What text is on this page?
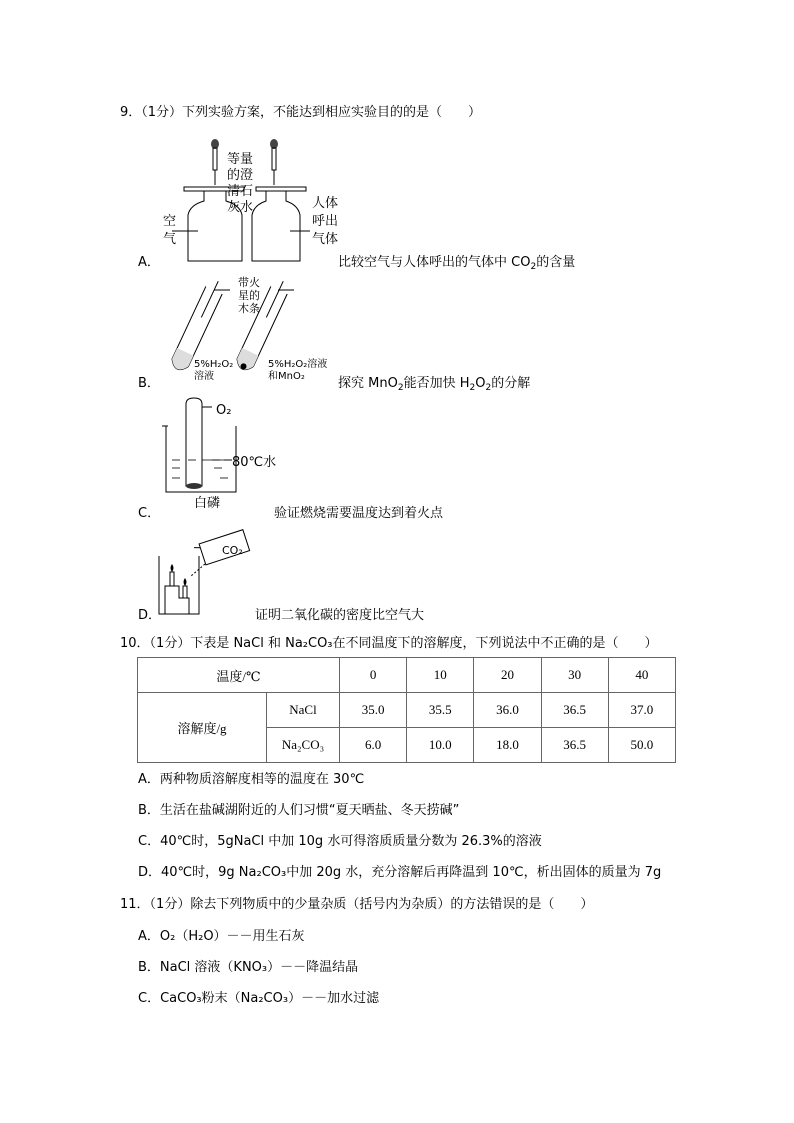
9．（1分）下列实验方案，不能达到相应实验目的的是（　　）
等量
的澄
清石
灰水
空
气
人体
呼出
气体
A．	比较空气与人体呼出的气体中 $CO_2$的含量
带火
星的
木条
5%H₂O₂
溶液
5%H₂O₂溶液
和MnO₂
B．	探究 MnO$_2$能否加快 $H_2O_2$的分解
O₂
80℃水
白磷
C．	验证燃烧需要温度达到着火点
CO₂
D．	证明二氧化碳的密度比空气大
10．（1分）下表是 NaCl 和 Na₂CO₃在不同温度下的溶解度，下列说法中不正确的是（　　）
温度/℃		0	10	20	30	40
溶解度/g	NaCl	35.0	35.5	36.0	36.5	37.0
	Na₂CO₃	6.0	10.0	18.0	36.5	50.0
A．两种物质溶解度相等的温度在 30℃
B．生活在盐碱湖附近的人们习惯“夏天晒盐、冬天捞碱”
C．40℃时，5gNaCl 中加 10g 水可得溶质质量分数为 26.3%的溶液
D．40℃时，9g Na₂CO₃中加 20g 水，充分溶解后再降温到 10℃，析出固体的质量为 7g
11．（1分）除去下列物质中的少量杂质（括号内为杂质）的方法错误的是（　　）
A．O₂（H₂O）－－用生石灰
B．NaCl 溶液（KNO₃）－－降温结晶
C．CaCO₃粉末（Na₂CO₃）－－加水过滤
